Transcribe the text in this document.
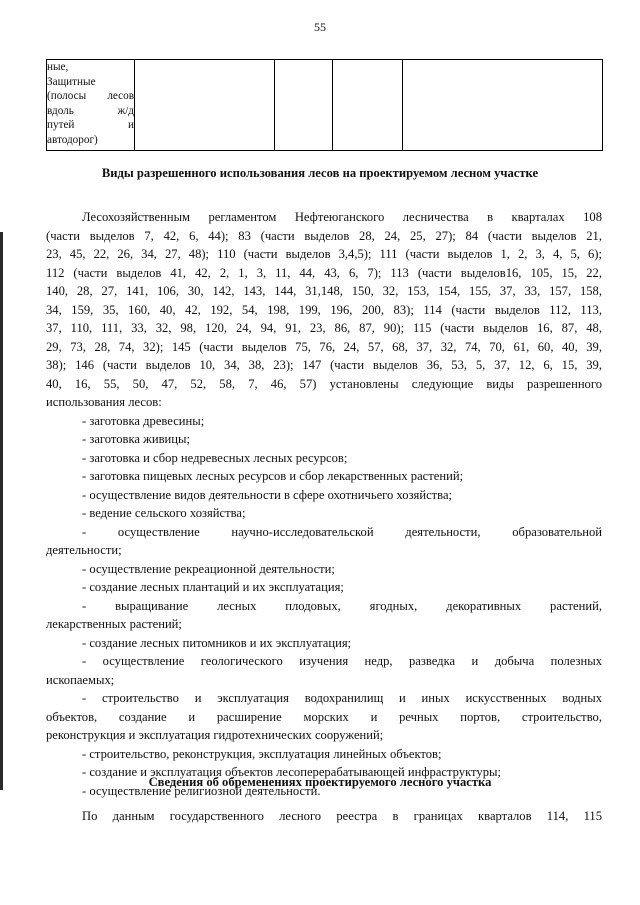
55
ные,
Защитные
(полосы лесов
вдоль ж/д
путей и
автодорог)

Виды разрешенного использования лесов на проектируемом лесном участке
Лесохозяйственным регламентом Нефтеюганского лесничества в кварталах 108
(части выделов 7, 42, 6, 44); 83 (части выделов 28, 24, 25, 27); 84 (части выделов 21,
23, 45, 22, 26, 34, 27, 48); 110 (части выделов 3,4,5); 111 (части выделов 1, 2, 3, 4, 5, 6);
112 (части выделов 41, 42, 2, 1, 3, 11, 44, 43, 6, 7); 113 (части выделов16, 105, 15, 22,
140, 28, 27, 141, 106, 30, 142, 143, 144, 31,148, 150, 32, 153, 154, 155, 37, 33, 157, 158,
34, 159, 35, 160, 40, 42, 192, 54, 198, 199, 196, 200, 83); 114 (части выделов 112, 113,
37, 110, 111, 33, 32, 98, 120, 24, 94, 91, 23, 86, 87, 90); 115 (части выделов 16, 87, 48,
29, 73, 28, 74, 32); 145 (части выделов 75, 76, 24, 57, 68, 37, 32, 74, 70, 61, 60, 40, 39,
38); 146 (части выделов 10, 34, 38, 23); 147 (части выделов 36, 53, 5, 37, 12, 6, 15, 39,
40, 16, 55, 50, 47, 52, 58, 7, 46, 57) установлены следующие виды разрешенного
использования лесов:
- заготовка древесины;
- заготовка живицы;
- заготовка и сбор недревесных лесных ресурсов;
- заготовка пищевых лесных ресурсов и сбор лекарственных растений;
- осуществление видов деятельности в сфере охотничьего хозяйства;
- ведение сельского хозяйства;
- осуществление научно-исследовательской деятельности, образовательной
деятельности;
- осуществление рекреационной деятельности;
- создание лесных плантаций и их эксплуатация;
- выращивание лесных плодовых, ягодных, декоративных растений,
лекарственных растений;
- создание лесных питомников и их эксплуатация;
- осуществление геологического изучения недр, разведка и добыча полезных
ископаемых;
- строительство и эксплуатация водохранилищ и иных искусственных водных
объектов, создание и расширение морских и речных портов, строительство,
реконструкция и эксплуатация гидротехнических сооружений;
- строительство, реконструкция, эксплуатация линейных объектов;
- создание и эксплуатация объектов лесоперерабатывающей инфраструктуры;
- осуществление религиозной деятельности.
Сведения об обременениях проектируемого лесного участка
По данным государственного лесного реестра в границах кварталов 114, 115
